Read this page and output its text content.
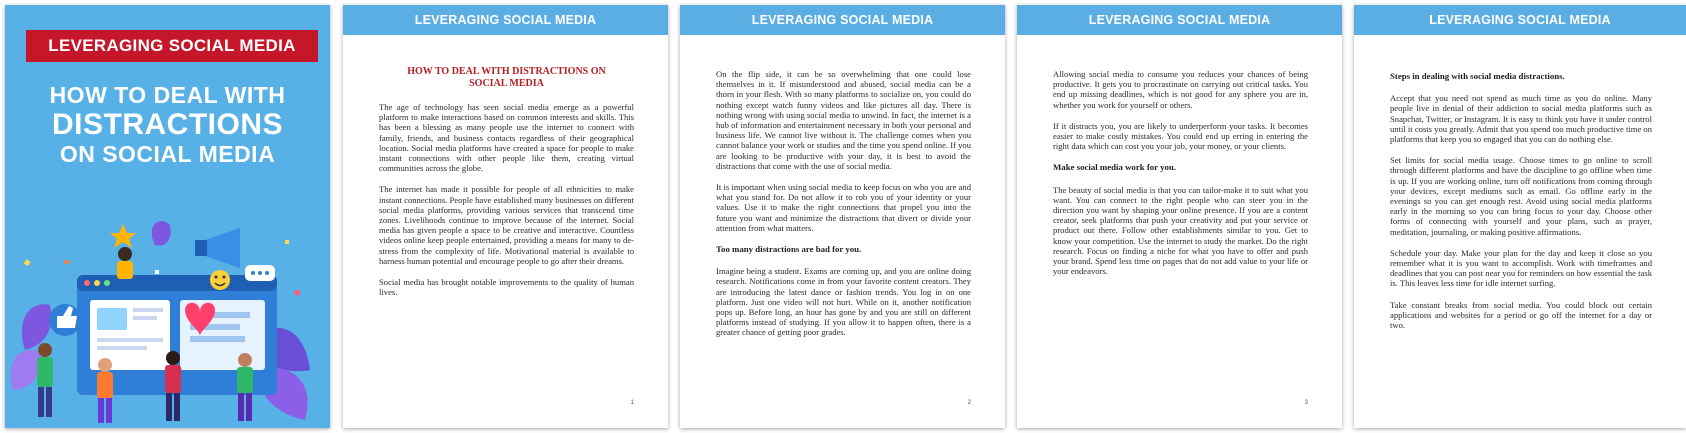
LEVERAGING SOCIAL MEDIA
HOW TO DEAL WITH
DISTRACTIONS
ON SOCIAL MEDIA
LEVERAGING SOCIAL MEDIA
HOW TO DEAL WITH DISTRACTIONS ON SOCIAL MEDIA

The age of technology has seen social media emerge as a powerful platform to make interactions based on common interests and skills. This has been a blessing as many people use the internet to connect with family, friends, and business contacts regardless of their geographical location. Social media platforms have created a space for people to make instant connections with other people like them, creating virtual communities across the globe.

The internet has made it possible for people of all ethnicities to make instant connections. People have established many businesses on different social media platforms, providing various services that transcend time zones. Livelihoods continue to improve because of the internet. Social media has given people a space to be creative and interactive. Countless videos online keep people entertained, providing a means for many to de-stress from the complexity of life. Motivational material is available to harness human potential and encourage people to go after their dreams.

Social media has brought notable improvements to the quality of human lives.

1
LEVERAGING SOCIAL MEDIA

On the flip side, it can be so overwhelming that one could lose themselves in it. If misunderstood and abused, social media can be a thorn in your flesh. With so many platforms to socialize on, you could do nothing except watch funny videos and like pictures all day. There is nothing wrong with using social media to unwind. In fact, the internet is a hub of information and entertainment necessary in both your personal and business life. We cannot live without it. The challenge comes when you cannot balance your work or studies and the time you spend online. If you are looking to be productive with your day, it is best to avoid the distractions that come with the use of social media.

It is important when using social media to keep focus on who you are and what you stand for. Do not allow it to rob you of your identity or your values. Use it to make the right connections that propel you into the future you want and minimize the distractions that divert or divide your attention from what matters.

Too many distractions are bad for you.

Imagine being a student. Exams are coming up, and you are online doing research. Notifications come in from your favorite content creators. They are introducing the latest dance or fashion trends. You log in on one platform. Just one video will not hurt. While on it, another notification pops up. Before long, an hour has gone by and you are still on different platforms instead of studying. If you allow it to happen often, there is a greater chance of getting poor grades.

2
LEVERAGING SOCIAL MEDIA

Allowing social media to consume you reduces your chances of being productive. It gets you to procrastinate on carrying out critical tasks. You end up missing deadlines, which is not good for any sphere you are in, whether you work for yourself or others.

If it distracts you, you are likely to underperform your tasks. It becomes easier to make costly mistakes. You could end up erring in entering the right data which can cost you your job, your money, or your clients.

Make social media work for you.

The beauty of social media is that you can tailor-make it to suit what you want. You can connect to the right people who can steer you in the direction you want by shaping your online presence. If you are a content creator, seek platforms that push your creativity and put your service or product out there. Follow other establishments similar to you. Get to know your competition. Use the internet to study the market. Do the right research. Focus on finding a niche for what you have to offer and push your brand. Spend less time on pages that do not add value to your life or your endeavors.

3
LEVERAGING SOCIAL MEDIA
Steps in dealing with social media distractions.

Accept that you need not spend as much time as you do online. Many people live in denial of their addiction to social media platforms such as Snapchat, Twitter, or Instagram. It is easy to think you have it under control until it costs you greatly. Admit that you spend too much productive time on platforms that keep you so engaged that you can do nothing else.

Set limits for social media usage. Choose times to go online to scroll through different platforms and have the discipline to go offline when time is up. If you are working online, turn off notifications from coming through your devices, except mediums such as email. Go offline early in the evenings so you can get enough rest. Avoid using social media platforms early in the morning so you can bring focus to your day. Choose other forms of connecting with yourself and your plans, such as prayer, meditation, journaling, or making positive affirmations.

Schedule your day. Make your plan for the day and keep it close so you remember what it is you want to accomplish. Work with timeframes and deadlines that you can post near you for reminders on how essential the task is. This leaves less time for idle internet surfing.

Take constant breaks from social media. You could block out certain applications and websites for a period or go off the internet for a day or two.
